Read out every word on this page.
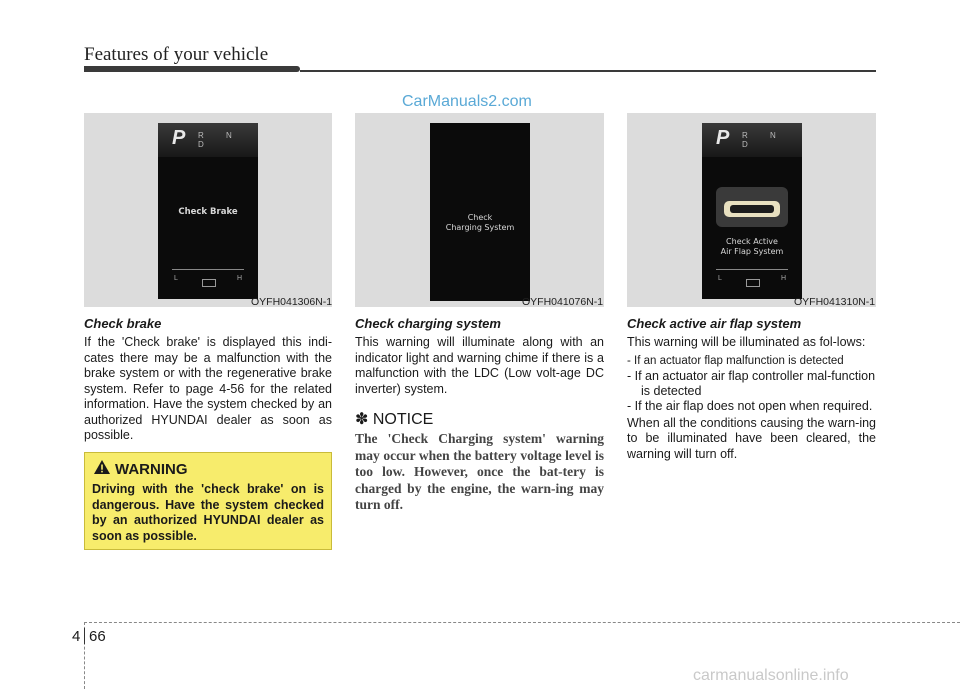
Features of your vehicle
CarManuals2.com
P R N D
Check Brake
L	H
OYFH041306N-1
Check
Charging System
OYFH041076N-1
P R N D
Check Active
Air Flap System
L	H
OYFH041310N-1

Check brake

If the 'Check brake' is displayed this indi-cates there may be a malfunction with the brake system or with the regenerative brake system. Refer to page 4-56 for the related information. Have the system checked by an authorized HYUNDAI dealer as soon as possible.

WARNING
Driving with the 'check brake' on is dangerous. Have the system checked by an authorized HYUNDAI dealer as soon as possible.

Check charging system

This warning will illuminate along with an indicator light and warning chime if there is a malfunction with the LDC (Low volt-age DC inverter) system.

✽ NOTICE

The 'Check Charging system' warning may occur when the battery voltage level is too low. However, once the bat-tery is charged by the engine, the warn-ing may turn off.

Check active air flap system

This warning will be illuminated as fol-lows:

- If an actuator flap malfunction is detected

- If an actuator air flap controller mal-function is detected

- If the air flap does not open when required.

When all the conditions causing the warn-ing to be illuminated have been cleared, the warning will turn off.

4 66
carmanualsonline.info
